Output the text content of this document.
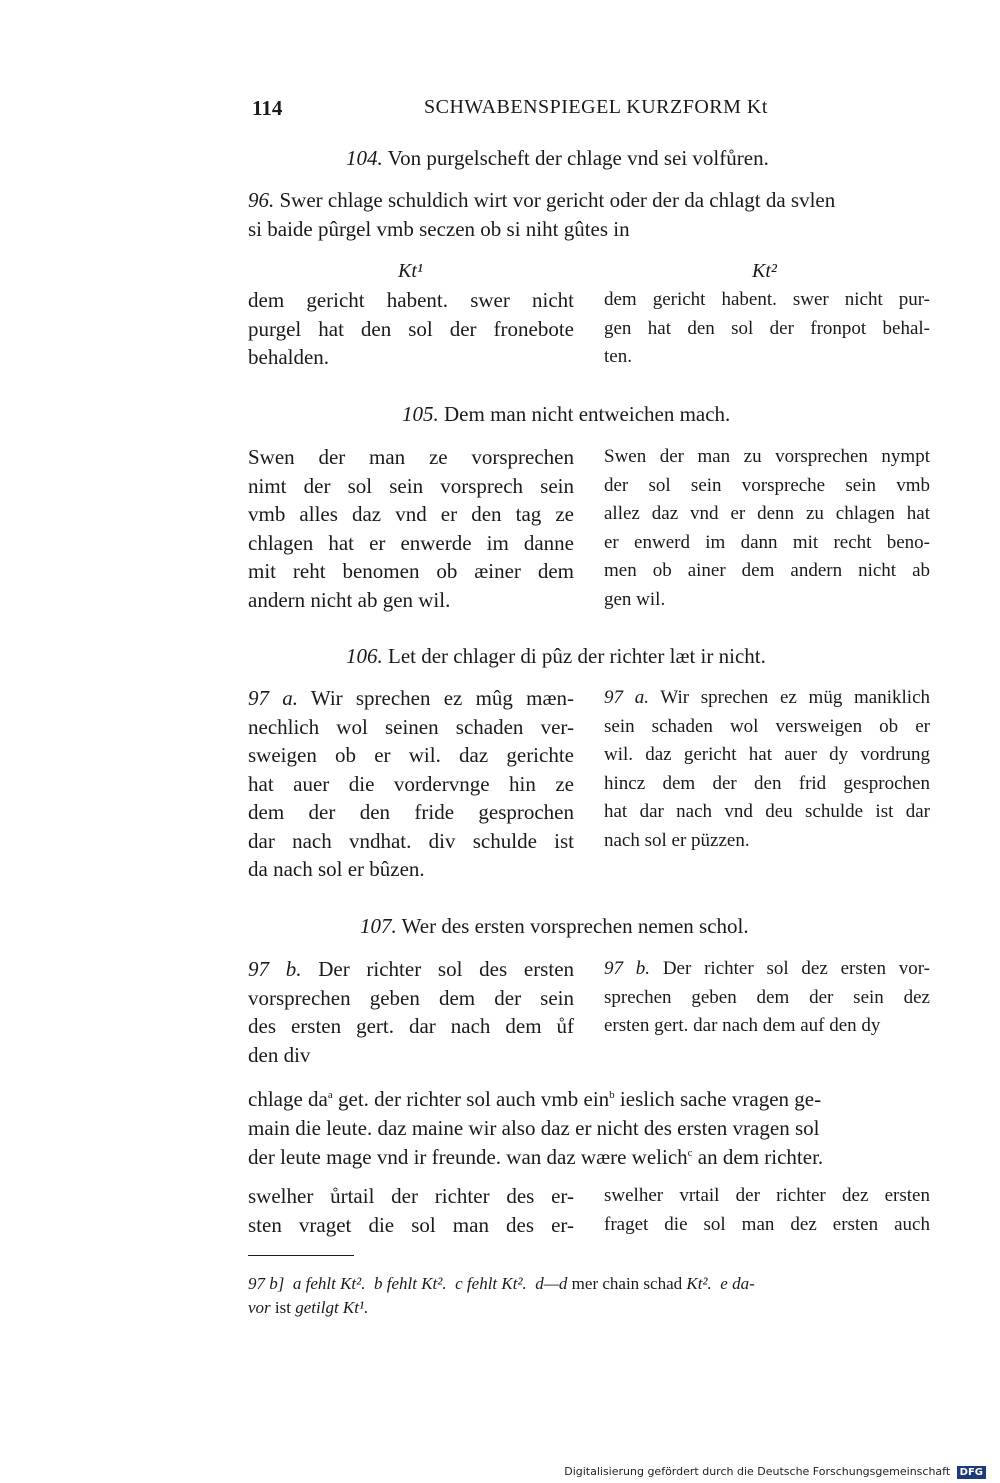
114	SCHWABENSPIEGEL KURZFORM Kt
104. Von purgelscheft der chlage vnd sei volfůren.
96. Swer chlage schuldich wirt vor gericht oder der da chlagt da svlen
si baide pûrgel vmb seczen ob si niht gûtes in
Kt¹	Kt²
dem gericht habent. swer nicht
purgel hat den sol der fronebote
behalden.
dem gericht habent. swer nicht pur-
gen hat den sol der fronpot behal-
ten.
105. Dem man nicht entweichen mach.
Swen der man ze vorsprechen
nimt der sol sein vorsprech sein
vmb alles daz vnd er den tag ze
chlagen hat er enwerde im danne
mit reht benomen ob æiner dem
andern nicht ab gen wil.
Swen der man zu vorsprechen nympt
der sol sein vorspreche sein vmb
allez daz vnd er denn zu chlagen hat
er enwerd im dann mit recht beno-
men ob ainer dem andern nicht ab
gen wil.
106. Let der chlager di pûz der richter læt ir nicht.
97 a. Wir sprechen ez mûg mæn-
nechlich wol seinen schaden ver-
sweigen ob er wil. daz gerichte
hat auer die vordervnge hin ze
dem der den fride gesprochen
dar nach vndhat. div schulde ist
da nach sol er bûzen.
97 a. Wir sprechen ez müg maniklich
sein schaden wol versweigen ob er
wil. daz gericht hat auer dy vordrung
hincz dem der den frid gesprochen
hat dar nach vnd deu schulde ist dar
nach sol er püzzen.
107. Wer des ersten vorsprechen nemen schol.
97 b. Der richter sol des ersten
vorsprechen geben dem der sein
des ersten gert. dar nach dem ůf
den div
97 b. Der richter sol dez ersten vor-
sprechen geben dem der sein dez
ersten gert. dar nach dem auf den dy
chlage $da^a$ get. der richter sol auch vmb ein$^b$ ieslich sache vragen ge-
main die leute. daz maine wir also daz er nicht des ersten vragen sol
der leute mage vnd ir freunde. wan daz wære welich$^c$ an dem richter.
swelher ůrtail der richter des er-
sten vraget die sol man des er-
swelher vrtail der richter dez ersten
fraget die sol man dez ersten auch
97 b] a fehlt Kt². b fehlt Kt². c fehlt Kt². d—d mer chain schad Kt². e da-
vor ist getilgt Kt¹.
Digitalisierung gefördert durch die Deutsche Forschungsgemeinschaft DFG
